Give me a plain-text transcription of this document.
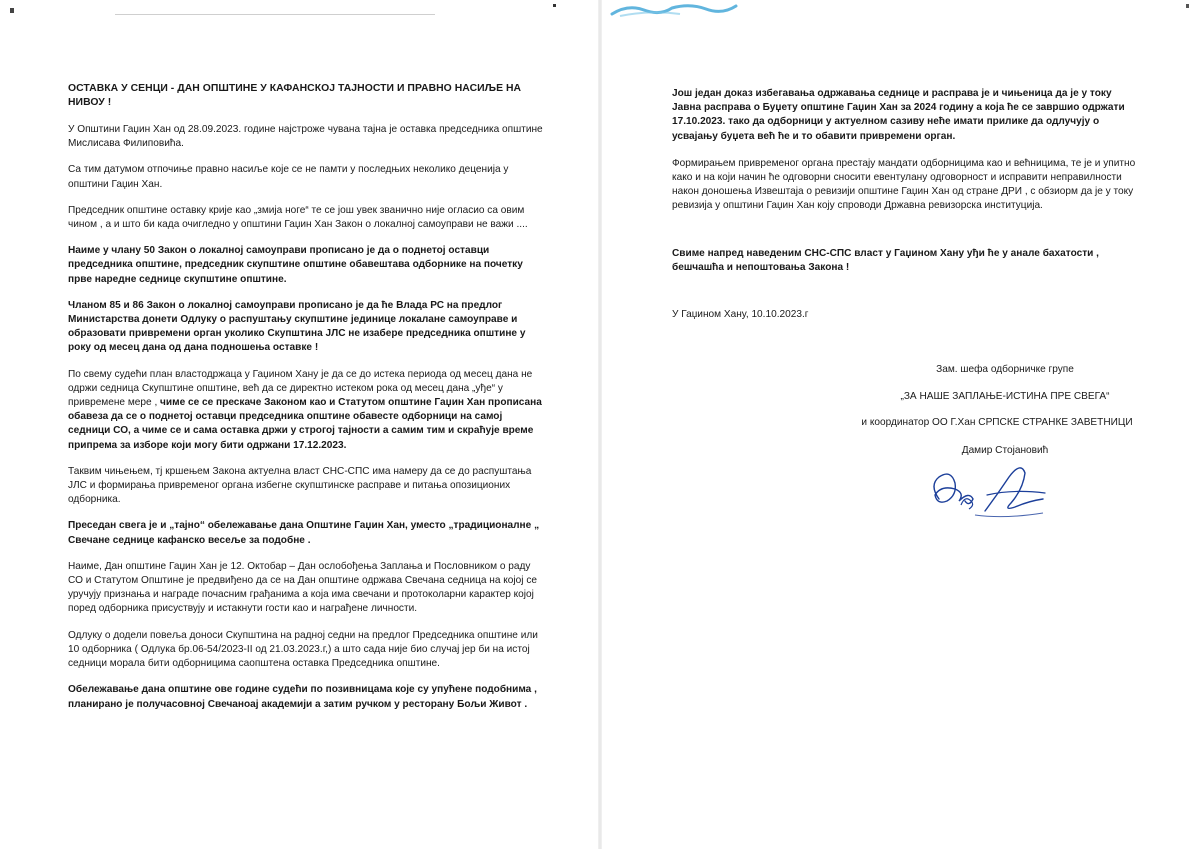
ОСТАВКА У СЕНЦИ - ДАН ОПШТИНЕ У КАФАНСКОЈ ТАЈНОСТИ И ПРАВНО НАСИЉЕ НА НИВОУ !

У Општини Гаџин Хан од 28.09.2023. године најстроже чувана тајна је оставка председника општине Мислисава Филиповића.

Са тим датумом отпочиње правно насиље које се не памти у последњих неколико деценија у општини Гаџин Хан.

Председник општине оставку крије као „змија ноге“ те се још увек званично није огласио са овим чином , а и што би када очигледно у општини Гаџин Хан Закон о локалној самоуправи не важи ....

Наиме у члану 50 Закон о локалној самоуправи прописано је да о поднетој оставци председника општине, председник скупштине општине обавештава одборнике на почетку прве наредне седнице скупштине општине.

Чланом 85 и 86 Закон о локалној самоуправи прописано је да ће Влада РС на предлог Министарства донети Одлуку о распуштању скупштине јединице локалане самоуправе и образовати привремени орган уколико Скупштина ЈЛС не изабере председника општине у року од месец дана од дана подношења оставке !

По свему судећи план властодржаца у Гаџином Хану је да се до истека периода од месец дана не одржи седница Скупштине општине, већ да се директно истеком рока од месец дана „уђе“ у привремене мере , чиме се се прескаче Законом као и Статутом општине Гаџин Хан прописана обавеза да се о поднетој оставци председника општине обавесте одборници на самој седници СО, а чиме се и сама оставка држи у строгој тајности а самим тим и скраћује време припрема за изборе који могу бити одржани 17.12.2023.

Таквим чињењем, тј кршењем Закона актуелна власт СНС-СПС има намеру да се до распуштања ЈЛС и формирања привременог органа избегне скупштинске расправе и питања опозиционих одборника.

Преседан свега је и „тајно“ обележавање дана Општине Гаџин Хан, уместо „традиционалне „ Свечане седнице кафанско весеље за подобне .

Наиме, Дан општине Гаџин Хан је 12. Октобар – Дан ослобођења Заплања и Пословником о раду СО и Статутом Општине је предвиђено да се на Дан општине одржава Свечана седница на којој се уручују признања и награде почасним грађанима а која има свечани и протоколарни карактер којој поред одборника присуствују и истакнути гости као и награђене личности.

Одлуку о додели повеља доноси Скупштина на радној седни на предлог Председника општине или 10 одборника ( Одлука бр.06-54/2023-II од 21.03.2023.г,) а што сада није био случај јер би на истој седници морала бити одборницима саопштена оставка Председника општине.

Обележавање дана општине ове године судећи по позивницама које су упућене подобнима , планирано је получасовној Свечаноај академији а затим ручком у ресторану Бољи Живот .

Још један доказ избегавања одржавања седнице и расправа је и чињеница да је у току Јавна расправа о Буџету општине Гаџин Хан за 2024 годину а која ће се завршио одржати 17.10.2023. тако да одборници у актуелном сазиву неће имати прилике да одлучују о усвајању буџета већ ће и то обавити привремени орган.

Формирањем привременог органа престају мандати одборницима као и већницима, те је и упитно како и на који начин ће одговорни сносити евентулану одговорност и исправити неправилности након доношења Извештаја о ревизији општине Гаџин Хан од стране ДРИ , с обзиорм да је у току ревизија у општини Гаџин Хан коју спроводи Државна ревизорска институција.

Свиме напред наведеним СНС-СПС власт у Гаџином Хану уђи ће у анале бахатости , бешчашћа и непоштовања Закона !

У Гаџином Хану, 10.10.2023.г

Зам. шефа одборничке групе
„ЗА НАШЕ ЗАПЛАЊЕ-ИСТИНА ПРЕ СВЕГА“
и координатор ОО Г.Хан СРПСКЕ СТРАНКЕ ЗАВЕТНИЦИ
Дамир Стојановић
